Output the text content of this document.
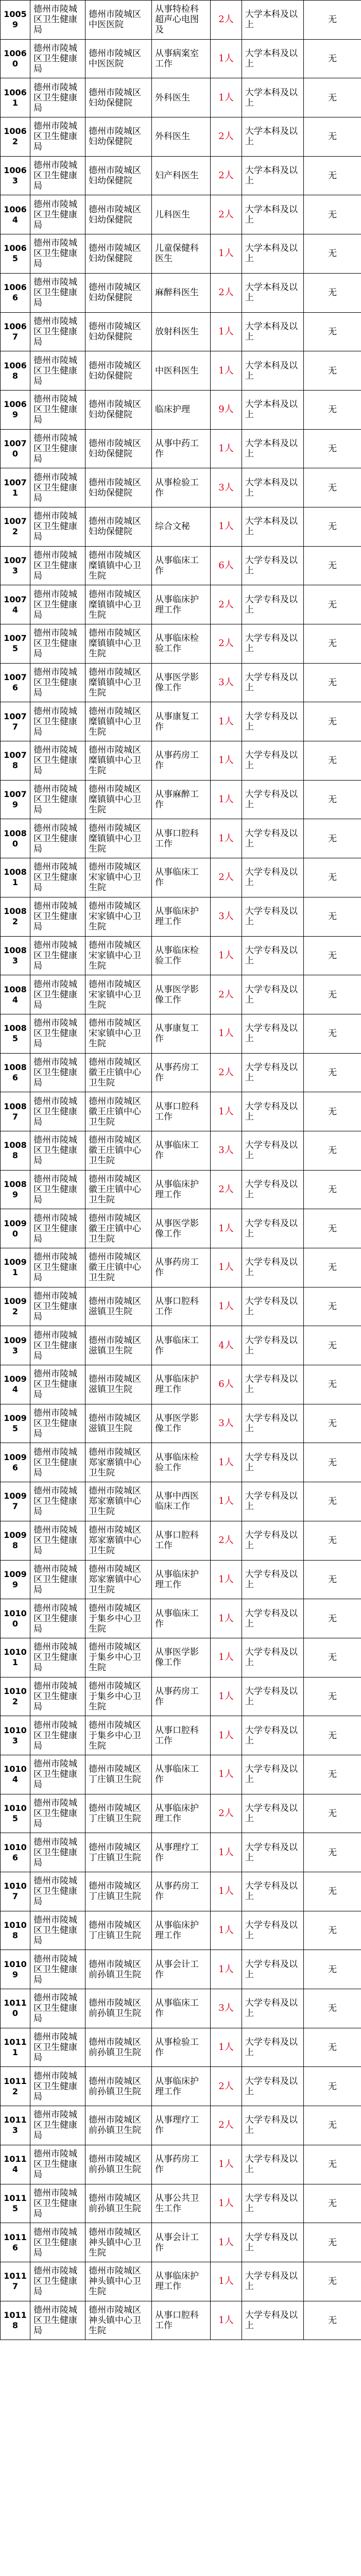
10059	德州市陵城区卫生健康局	德州市陵城区中医医院	从事特检科超声心电图及	2人	大学本科及以上	无
10060	德州市陵城区卫生健康局	德州市陵城区中医医院	从事病案室工作	1人	大学本科及以上	无
10061	德州市陵城区卫生健康局	德州市陵城区妇幼保健院	外科医生	1人	大学本科及以上	无
10062	德州市陵城区卫生健康局	德州市陵城区妇幼保健院	外科医生	2人	大学本科及以上	无
10063	德州市陵城区卫生健康局	德州市陵城区妇幼保健院	妇产科医生	2人	大学本科及以上	无
10064	德州市陵城区卫生健康局	德州市陵城区妇幼保健院	儿科医生	2人	大学本科及以上	无
10065	德州市陵城区卫生健康局	德州市陵城区妇幼保健院	儿童保健科医生	1人	大学本科及以上	无
10066	德州市陵城区卫生健康局	德州市陵城区妇幼保健院	麻醉科医生	2人	大学本科及以上	无
10067	德州市陵城区卫生健康局	德州市陵城区妇幼保健院	放射科医生	1人	大学本科及以上	无
10068	德州市陵城区卫生健康局	德州市陵城区妇幼保健院	中医科医生	1人	大学本科及以上	无
10069	德州市陵城区卫生健康局	德州市陵城区妇幼保健院	临床护理	9人	大学本科及以上	无
10070	德州市陵城区卫生健康局	德州市陵城区妇幼保健院	从事中药工作	1人	大学本科及以上	无
10071	德州市陵城区卫生健康局	德州市陵城区妇幼保健院	从事检验工作	3人	大学本科及以上	无
10072	德州市陵城区卫生健康局	德州市陵城区妇幼保健院	综合文秘	1人	大学本科及以上	无
10073	德州市陵城区卫生健康局	德州市陵城区糜镇镇中心卫生院	从事临床工作	6人	大学专科及以上	无
10074	德州市陵城区卫生健康局	德州市陵城区糜镇镇中心卫生院	从事临床护理工作	2人	大学专科及以上	无
10075	德州市陵城区卫生健康局	德州市陵城区糜镇镇中心卫生院	从事临床检验工作	2人	大学专科及以上	无
10076	德州市陵城区卫生健康局	德州市陵城区糜镇镇中心卫生院	从事医学影像工作	3人	大学专科及以上	无
10077	德州市陵城区卫生健康局	德州市陵城区糜镇镇中心卫生院	从事康复工作	1人	大学专科及以上	无
10078	德州市陵城区卫生健康局	德州市陵城区糜镇镇中心卫生院	从事药房工作	1人	大学专科及以上	无
10079	德州市陵城区卫生健康局	德州市陵城区糜镇镇中心卫生院	从事麻醉工作	1人	大学专科及以上	无
10080	德州市陵城区卫生健康局	德州市陵城区糜镇镇中心卫生院	从事口腔科工作	1人	大学专科及以上	无
10081	德州市陵城区卫生健康局	德州市陵城区宋家镇中心卫生院	从事临床工作	2人	大学专科及以上	无
10082	德州市陵城区卫生健康局	德州市陵城区宋家镇中心卫生院	从事临床护理工作	3人	大学专科及以上	无
10083	德州市陵城区卫生健康局	德州市陵城区宋家镇中心卫生院	从事临床检验工作	1人	大学专科及以上	无
10084	德州市陵城区卫生健康局	德州市陵城区宋家镇中心卫生院	从事医学影像工作	2人	大学专科及以上	无
10085	德州市陵城区卫生健康局	德州市陵城区宋家镇中心卫生院	从事康复工作	1人	大学专科及以上	无
10086	德州市陵城区卫生健康局	德州市陵城区徽王庄镇中心卫生院	从事药房工作	2人	大学专科及以上	无
10087	德州市陵城区卫生健康局	德州市陵城区徽王庄镇中心卫生院	从事口腔科工作	1人	大学专科及以上	无
10088	德州市陵城区卫生健康局	德州市陵城区徽王庄镇中心卫生院	从事临床工作	3人	大学专科及以上	无
10089	德州市陵城区卫生健康局	德州市陵城区徽王庄镇中心卫生院	从事临床护理工作	2人	大学专科及以上	无
10090	德州市陵城区卫生健康局	德州市陵城区徽王庄镇中心卫生院	从事医学影像工作	1人	大学专科及以上	无
10091	德州市陵城区卫生健康局	德州市陵城区徽王庄镇中心卫生院	从事药房工作	1人	大学专科及以上	无
10092	德州市陵城区卫生健康局	德州市陵城区滋镇卫生院	从事口腔科工作	1人	大学专科及以上	无
10093	德州市陵城区卫生健康局	德州市陵城区滋镇卫生院	从事临床工作	4人	大学专科及以上	无
10094	德州市陵城区卫生健康局	德州市陵城区滋镇卫生院	从事临床护理工作	6人	大学专科及以上	无
10095	德州市陵城区卫生健康局	德州市陵城区滋镇卫生院	从事医学影像工作	3人	大学专科及以上	无
10096	德州市陵城区卫生健康局	德州市陵城区郑家寨镇中心卫生院	从事临床检验工作	1人	大学专科及以上	无
10097	德州市陵城区卫生健康局	德州市陵城区郑家寨镇中心卫生院	从事中西医临床工作	1人	大学专科及以上	无
10098	德州市陵城区卫生健康局	德州市陵城区郑家寨镇中心卫生院	从事口腔科工作	2人	大学专科及以上	无
10099	德州市陵城区卫生健康局	德州市陵城区郑家寨镇中心卫生院	从事临床护理工作	1人	大学专科及以上	无
10100	德州市陵城区卫生健康局	德州市陵城区于集乡中心卫生院	从事临床工作	1人	大学专科及以上	无
10101	德州市陵城区卫生健康局	德州市陵城区于集乡中心卫生院	从事医学影像工作	1人	大学专科及以上	无
10102	德州市陵城区卫生健康局	德州市陵城区于集乡中心卫生院	从事药房工作	1人	大学专科及以上	无
10103	德州市陵城区卫生健康局	德州市陵城区于集乡中心卫生院	从事口腔科工作	1人	大学专科及以上	无
10104	德州市陵城区卫生健康局	德州市陵城区丁庄镇卫生院	从事临床工作	1人	大学专科及以上	无
10105	德州市陵城区卫生健康局	德州市陵城区丁庄镇卫生院	从事临床护理工作	2人	大学专科及以上	无
10106	德州市陵城区卫生健康局	德州市陵城区丁庄镇卫生院	从事理疗工作	1人	大学专科及以上	无
10107	德州市陵城区卫生健康局	德州市陵城区丁庄镇卫生院	从事药房工作	1人	大学专科及以上	无
10108	德州市陵城区卫生健康局	德州市陵城区丁庄镇卫生院	从事临床护理工作	1人	大学专科及以上	无
10109	德州市陵城区卫生健康局	德州市陵城区前孙镇卫生院	从事会计工作	1人	大学专科及以上	无
10110	德州市陵城区卫生健康局	德州市陵城区前孙镇卫生院	从事临床工作	3人	大学专科及以上	无
10111	德州市陵城区卫生健康局	德州市陵城区前孙镇卫生院	从事检验工作	1人	大学专科及以上	无
10112	德州市陵城区卫生健康局	德州市陵城区前孙镇卫生院	从事临床护理工作	2人	大学专科及以上	无
10113	德州市陵城区卫生健康局	德州市陵城区前孙镇卫生院	从事理疗工作	2人	大学专科及以上	无
10114	德州市陵城区卫生健康局	德州市陵城区前孙镇卫生院	从事药房工作	1人	大学专科及以上	无
10115	德州市陵城区卫生健康局	德州市陵城区前孙镇卫生院	从事公共卫生工作	1人	大学专科及以上	无
10116	德州市陵城区卫生健康局	德州市陵城区神头镇中心卫生院	从事会计工作	1人	大学专科及以上	无
10117	德州市陵城区卫生健康局	德州市陵城区神头镇中心卫生院	从事临床护理工作	1人	大学专科及以上	无
10118	德州市陵城区卫生健康局	德州市陵城区神头镇中心卫生院	从事口腔科工作	1人	大学专科及以上	无
